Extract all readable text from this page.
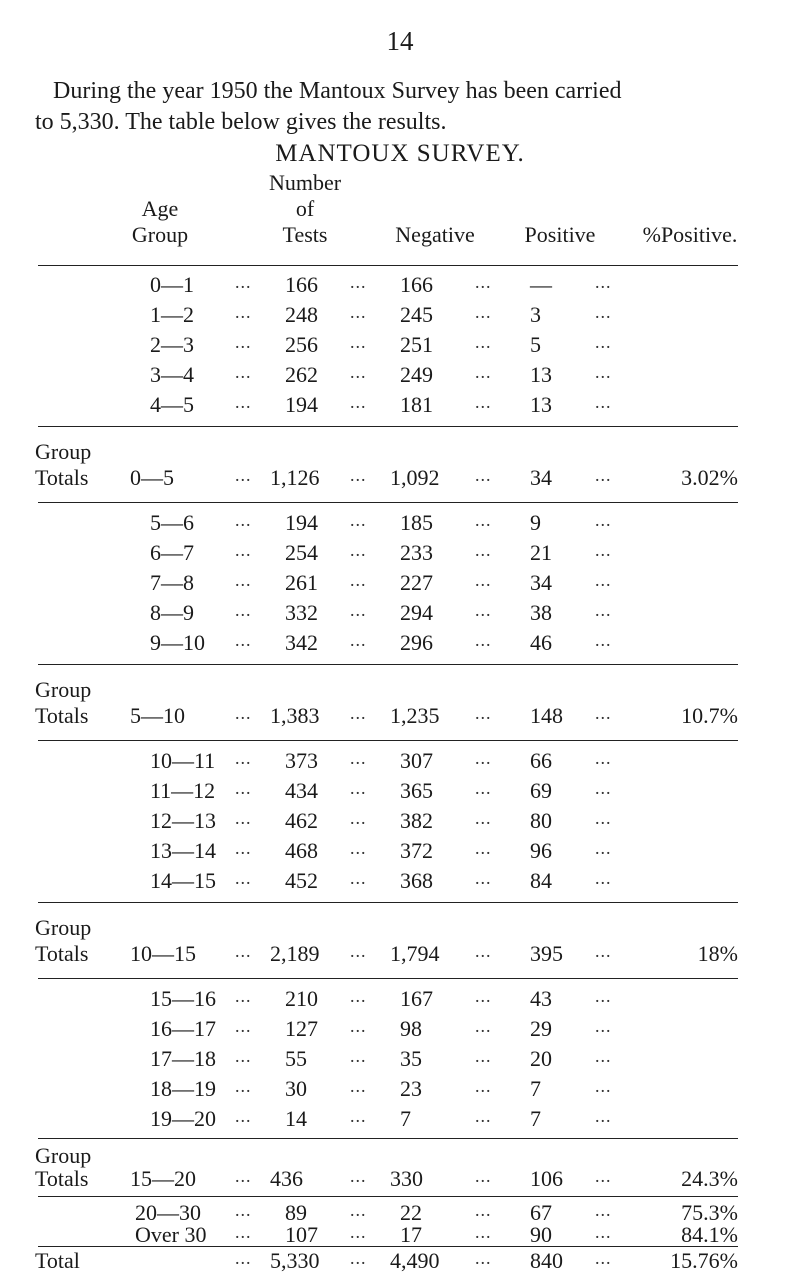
14

During the year 1950 the Mantoux Survey has been carried

to 5,330. The table below gives the results.
MANTOUX SURVEY.
Age
Group
Number
of
Tests	Negative	Positive	%Positive.
0—1 ... 166 ... 166 ... — ...
1—2 ... 248 ... 245 ... 3	...
2—3 ... 256 ... 251 ... 5	...
3—4 ... 262 ... 249 ... 13 ...
4—5 ... 194 ... 181 ... 13 ...
Group
Totals 0—5	... 1,126 ... 1,092 ... 34 ...	3.02%
5—6 ... 194 ... 185 ... 9	...
6—7 ... 254 ... 233 ... 21 ...
7—8 ... 261 ... 227 ... 34 ...
8—9 ... 332 ... 294 ... 38 ...
9—10 ... 342 ... 296 ... 46 ...
Group
Totals 5—10	... 1,383 ... 1,235 ... 148 ...	10.7%
10—11 ... 373 ... 307 ... 66 ...
11—12 ... 434 ... 365 ... 69 ...
12—13 ... 462 ... 382 ... 80 ...
13—14 ... 468 ... 372 ... 96 ...
14—15 ... 452 ... 368 ... 84 ...
Group
Totals 10—15 ... 2,189 ... 1,794 ... 395 ...	18%
15—16 ... 210 ... 167 ... 43 ...
16—17 ... 127 ... 98	... 29 ...
17—18 ... 55 ... 35	... 20 ...
18—19 ... 30 ... 23	... 7	...
19—20 ... 14 ... 7	... 7	...
Group
Totals 15—20 ... 436	... 330	... 106 ...	24.3%
20—30 ... 89 ... 22	... 67 ...	75.3%
Over 30 ... 107 ... 17	... 90 ...	84.1%
Total	... 5,330 ... 4,490 ... 840 ...	15.76%
